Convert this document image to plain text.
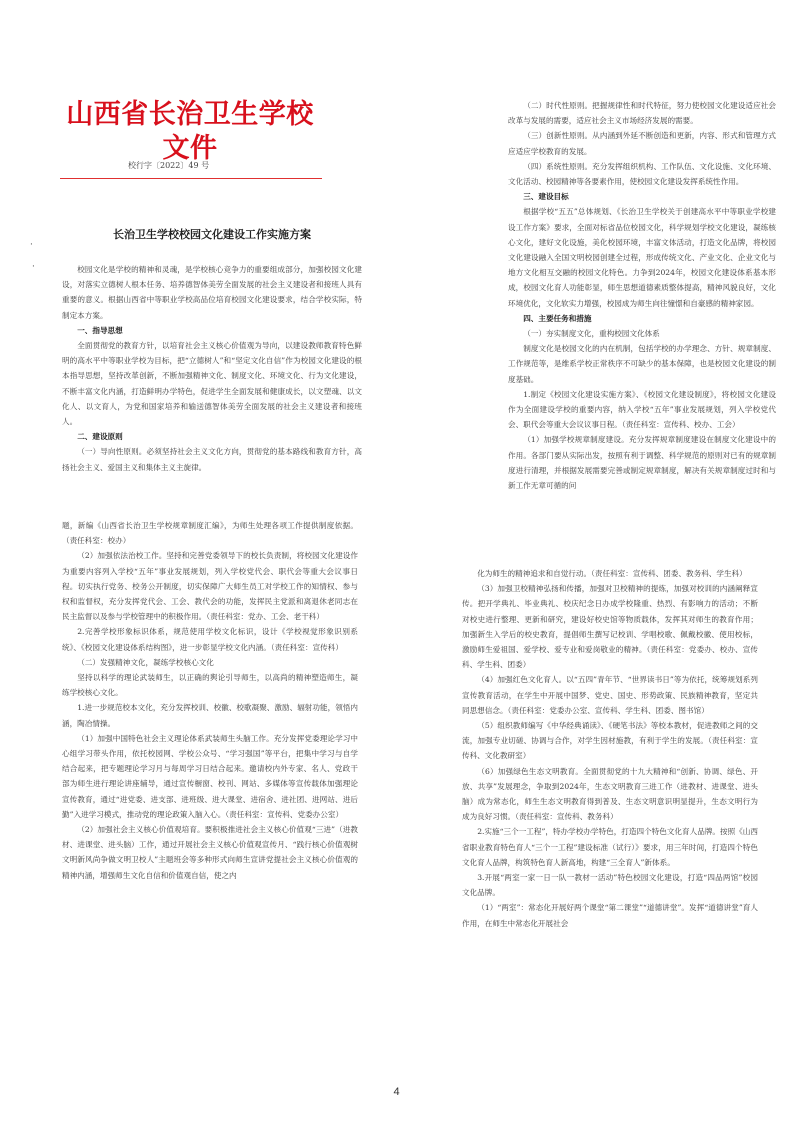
山西省长治卫生学校文件
校行字〔2022〕49 号
长治卫生学校校园文化建设工作实施方案
·
·	校园文化是学校的精神和灵魂，是学校核心竞争力的重要组成部分，加强校园文化建设，对落实立德树人根本任务、培养德智体美劳全面发展的社会主义建设者和接班人具有重要的意义。根据山西省中等职业学校高品位培育校园文化建设要求，结合学校实际，特制定本方案。

一、指导思想

全面贯彻党的教育方针，以培育社会主义核心价值观为导向，以建设教师教育特色鲜明的高水平中等职业学校为目标，把“立德树人”和“坚定文化自信”作为校园文化建设的根本指导思想，坚持改革创新，不断加强精神文化、制度文化、环境文化、行为文化建设，不断丰富文化内涵，打造鲜明办学特色，促进学生全面发展和健康成长，以文塑魂、以文化人、以文育人，为党和国家培养和输送德智体美劳全面发展的社会主义建设者和接班人。

二、建设原则

（一）导向性原则。必须坚持社会主义文化方向，贯彻党的基本路线和教育方针，高扬社会主义、爱国主义和集体主义主旋律。

（二）时代性原则。把握规律性和时代特征，努力使校园文化建设适应社会改革与发展的需要，适应社会主义市场经济发展的需要。

（三）创新性原则。从内涵到外延不断创造和更新，内容、形式和管理方式应适应学校教育的发展。

（四）系统性原则。充分发挥组织机构、工作队伍、文化设施、文化环境、文化活动、校园精神等各要素作用，使校园文化建设发挥系统性作用。

三、建设目标

根据学校“五五”总体规划、《长治卫生学校关于创建高水平中等职业学校建设工作方案》要求，全面对标省品位校园文化，科学规划学校文化建设，凝练核心文化，建好文化设施，美化校园环境，丰富文体活动，打造文化品牌，将校园文化建设融入全国文明校园创建全过程，形成传统文化、产业文化、企业文化与地方文化相互交融的校园文化特色。力争到2024年，校园文化建设体系基本形成，校园文化育人功能彰显，师生思想道德素质整体提高，精神风貌良好，文化环境优化，文化软实力增强，校园成为师生向往憧憬和自豪感的精神家园。

四、主要任务和措施

（一）夯实制度文化，重构校园文化体系

制度文化是校园文化的内在机制，包括学校的办学理念、方针、规章制度、工作规范等，是维系学校正常秩序不可缺少的基本保障，也是校园文化建设的制度基础。

1.制定《校园文化建设实施方案》、《校园文化建设制度》，将校园文化建设作为全面建设学校的重要内容，纳入学校“五年”事业发展规划，列入学校党代会、职代会等重大会议议事日程。（责任科室：宣传科、校办、工会）

（1）加强学校规章制度建设。充分发挥规章制度建设在制度文化建设中的作用。各部门要从实际出发，按照有利于调整、科学规范的原则对已有的规章制度进行清理，并根据发展需要完善或制定规章制度，解决有关规章制度过时和与新工作无章可循的问

题，新编《山西省长治卫生学校规章制度汇编》，为师生处理各项工作提供制度依据。（责任科室：校办）

（2）加强依法治校工作。坚持和完善党委领导下的校长负责制，将校园文化建设作为重要内容列入学校“五年”事业发展规划，列入学校党代会、职代会等重大会议事日程。切实执行党务、校务公开制度，切实保障广大师生员工对学校工作的知情权、参与权和监督权，充分发挥党代会、工会、教代会的功能，发挥民主党派和离退休老同志在民主监督以及参与学校管理中的积极作用。（责任科室：党办、工会、老干科）

2.完善学校形象标识体系，规范使用学校文化标识，设计《学校视觉形象识别系统》、《校园文化建设体系结构图》，进一步彰显学校文化内涵。（责任科室：宣传科）

（二）发强精神文化，凝练学校核心文化

坚持以科学的理论武装师生，以正确的舆论引导师生，以高尚的精神塑造师生，凝练学校核心文化。

1.进一步规范校本文化，充分发挥校训、校徽、校歌凝聚、激励、辐射功能，领悟内涵，陶冶情操。

（1）加强中国特色社会主义理论体系武装师生头脑工作。充分发挥党委理论学习中心组学习带头作用，依托校园网、学校公众号、“学习强国”等平台，把集中学习与自学结合起来，把专题理论学习月与每周学习日结合起来。邀请校内外专家、名人、党政干部为师生进行理论讲座辅导，通过宣传橱窗、校刊、网站、多媒体等宣传载体加强理论宣传教育，通过“进党委、进支部、进班级、进大课堂、进宿舍、进社团、进网站、进后勤”入进学习模式，推动党的理论政策入脑入心。（责任科室：宣传科、党委办公室）

（2）加强社会主义核心价值观培育。要积极推进社会主义核心价值观“三进”（进教材、进课堂、进头脑）工作，通过开展社会主义核心价值观宣传月、“践行核心价值观树文明新风尚争做文明卫校人”主题班会等多种形式向师生宣讲党提社会主义核心价值观的精神内涵，增强师生文化自信和价值观自信，使之内

化为师生的精神追求和自觉行动。（责任科室：宣传科、团委、教务科、学生科）

（3）加强卫校精神弘扬和传播，加强对卫校精神的提炼，加强对校训的内涵阐释宣传。把开学典礼、毕业典礼、校庆纪念日办成学校隆重、热烈、有影响力的活动；不断对校史进行整理、更新和研究，建设好校史馆等物质载体，发挥其对师生的教育作用；加强新生入学后的校史教育，提倡师生撰写记校训、学唱校歌、佩戴校徽、使用校标，激励师生爱祖国、爱学校、爱专业和爱岗敬业的精神。（责任科室：党委办、校办、宣传科、学生科、团委）

（4）加强红色文化育人。以“五四”青年节、“世界读书日”等为依托，统筹规划系列宣传教育活动，在学生中开展中国梦、党史、国史、形势政策、民族精神教育，坚定共同思想信念。（责任科室：党委办公室、宣传科、学生科、团委、图书馆）

（5）组织教师编写《中华经典诵读》、《硬笔书法》等校本教材，促进教师之间的交流，加强专业切磋、协调与合作，对学生因材施教，有利于学生的发展。（责任科室：宣传科、文化教研室）

（6）加强绿色生态文明教育。全面贯彻党的十九大精神和“创新、协调、绿色、开放、共享”发展理念，争取到2024年，生态文明教育三进工作（进教材、进课堂、进头脑）成为常态化，师生生态文明教育得到普及、生态文明意识明显提升，生态文明行为成为良好习惯。（责任科室：宣传科、教务科）

2.实施“三个一工程”，特办学校办学特色，打造四个特色文化育人品牌。按照《山西省职业教育特色育人“三个一工程”建设标准（试行）》要求，用三年时间，打造四个特色文化育人品牌，构筑特色育人新高地，构建“三全育人”新体系。

3.开展“两室一家一日一队一教材一活动”特色校园文化建设，打造“四品两馆”校园文化品牌。

（1）“两室”：常态化开展好两个课堂“第二课堂”“道德讲堂”。发挥“道德讲堂”育人作用，在师生中常态化开展社会

4
